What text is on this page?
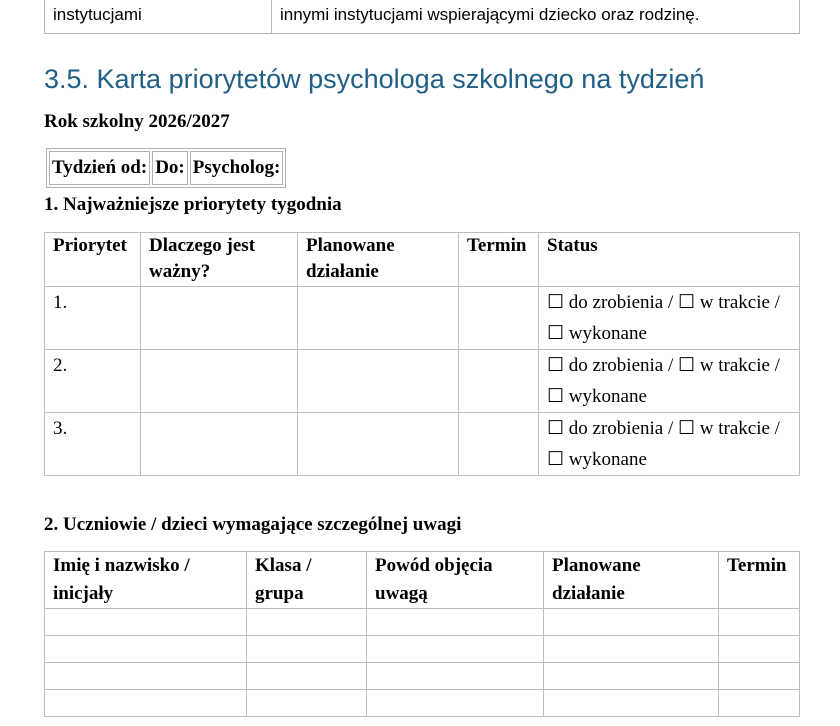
instytucjami	innymi instytucjami wspierającymi dziecko oraz rodzinę.
3.5. Karta priorytetów psychologa szkolnego na tydzień

Rok szkolny 2026/2027

Tydzień od:	Do:	Psycholog:

1. Najważniejsze priorytety tygodnia

Priorytet	Dlaczego jest ważny?	Planowane działanie	Termin	Status
1.				☐ do zrobienia / ☐ w trakcie / ☐ wykonane
2.				☐ do zrobienia / ☐ w trakcie / ☐ wykonane
3.				☐ do zrobienia / ☐ w trakcie / ☐ wykonane

2. Uczniowie / dzieci wymagające szczególnej uwagi

Imię i nazwisko / inicjały	Klasa / grupa	Powód objęcia uwagą	Planowane działanie	Termin
